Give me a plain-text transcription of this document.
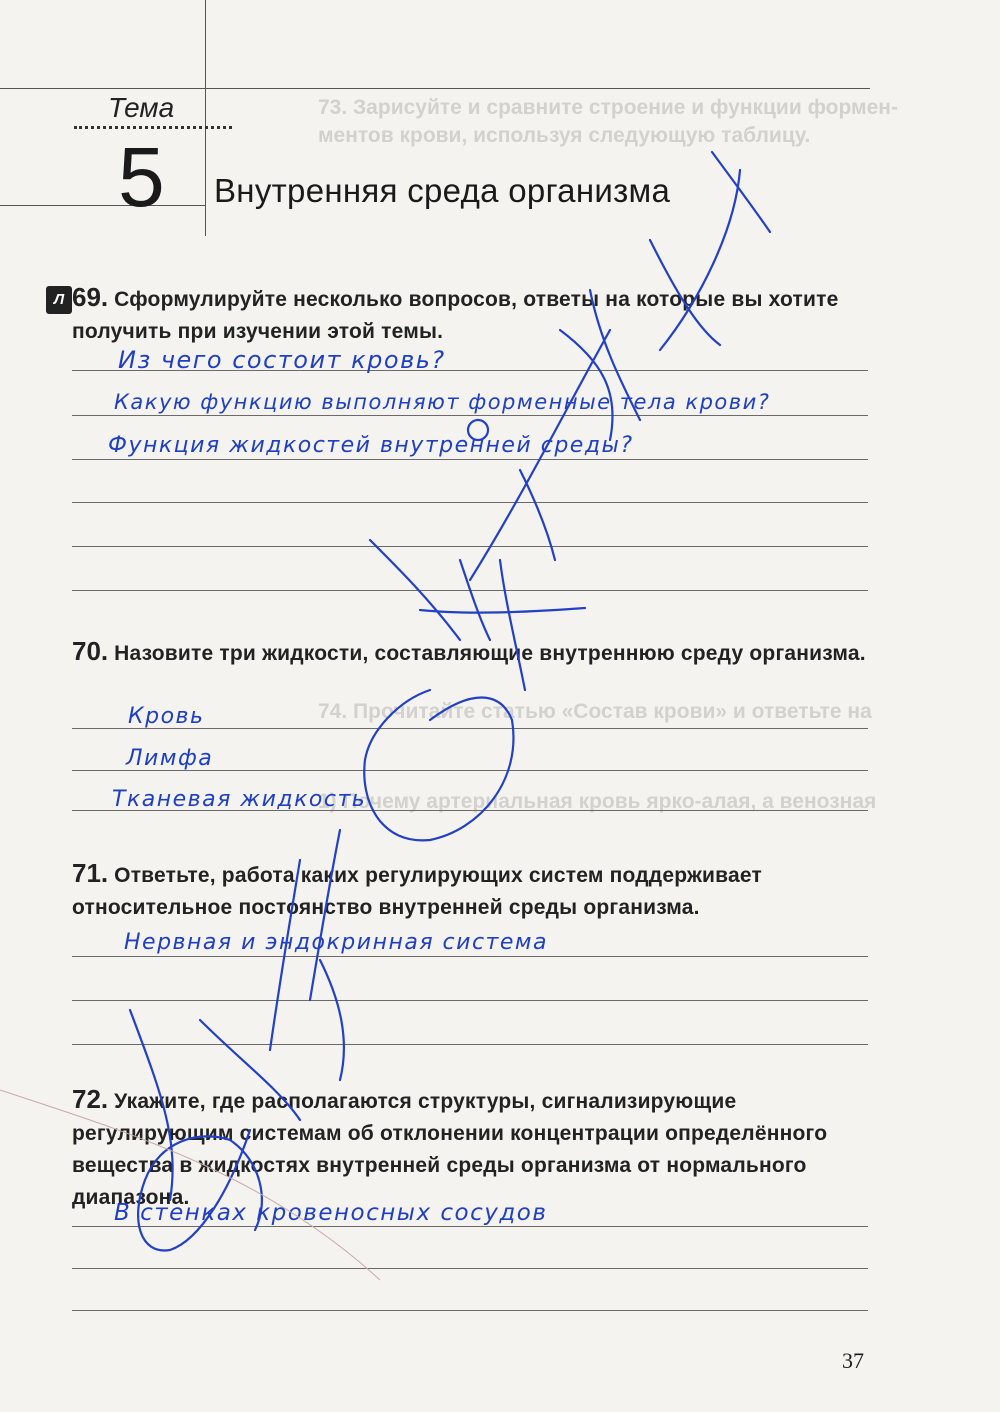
73. Зарисуйте и сравните строение и функции формен-
ментов крови, используя следующую таблицу.
74. Прочитайте статью «Состав крови» и ответьте на
1) Почему артериальная кровь ярко-алая, а венозная
Тема
5 Внутренняя среда организма
Л 69. Сформулируйте несколько вопросов, ответы на которые вы хотите получить при изучении этой темы.
Из чего состоит кровь?
Какую функцию выполняют форменные тела крови?
Функция жидкостей внутренней среды?
70. Назовите три жидкости, составляющие внутреннюю среду организма.
Кровь
Лимфа
Тканевая жидкость
71. Ответьте, работа каких регулирующих систем поддерживает относительное постоянство внутренней среды организма.
Нервная и эндокринная система
72. Укажите, где располагаются структуры, сигнализирующие регулирующим системам об отклонении концентрации определённого вещества в жидкостях внутренней среды организма от нормального диапазона.
В стенках кровеносных сосудов
37
